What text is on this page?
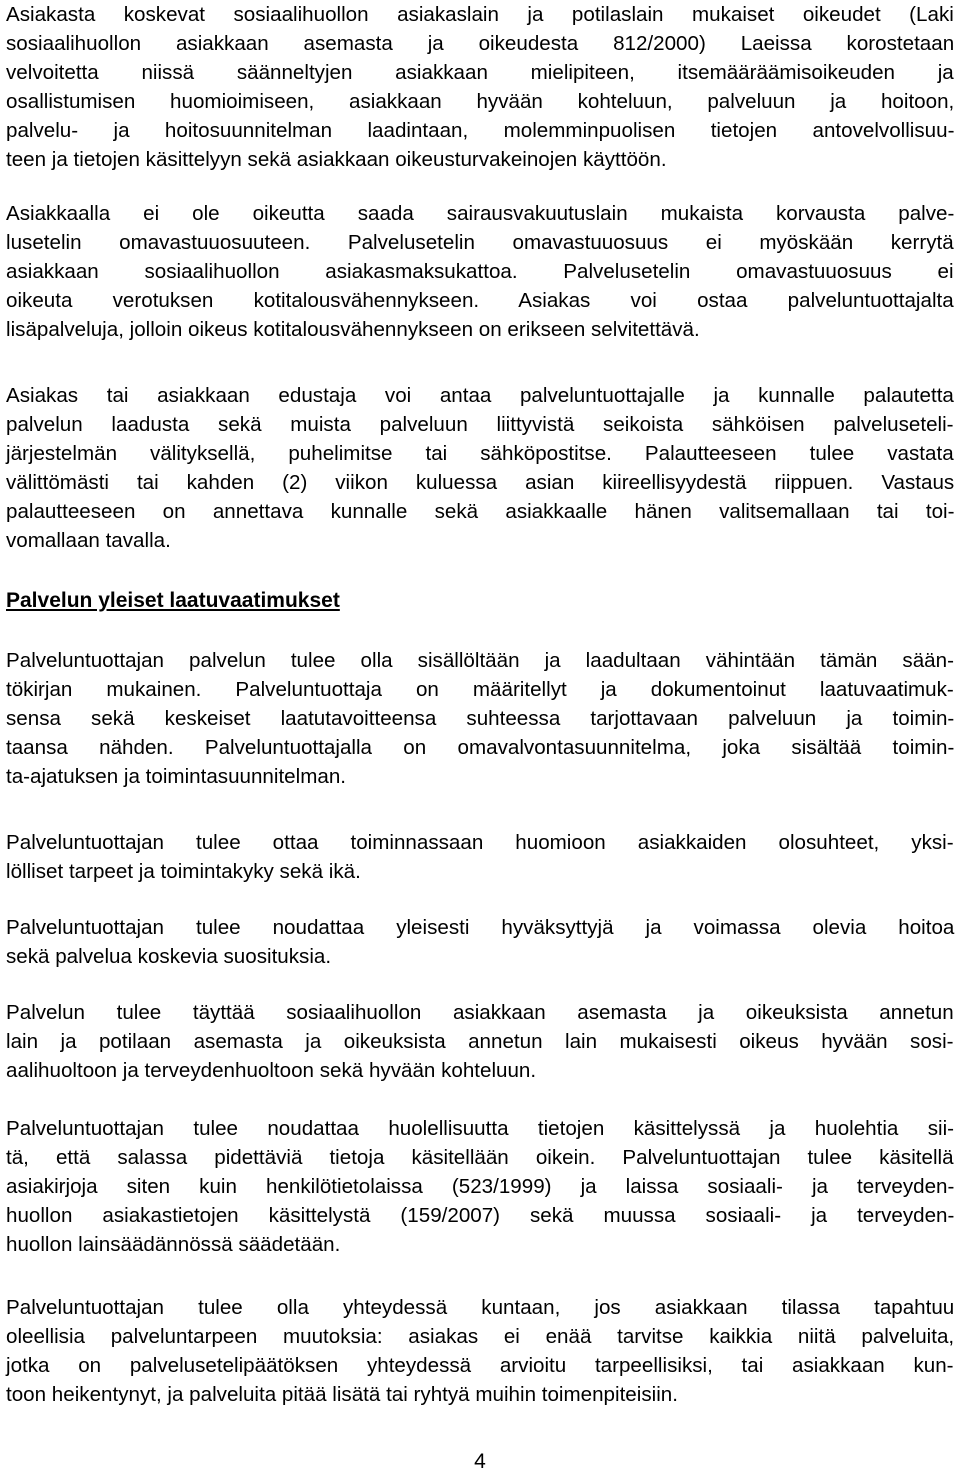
Asiakasta koskevat sosiaalihuollon asiakaslain ja potilaslain mukaiset oikeudet (Laki
sosiaalihuollon asiakkaan asemasta ja oikeudesta 812/2000) Laeissa korostetaan
velvoitetta niissä säänneltyjen asiakkaan mielipiteen, itsemääräämisoikeuden ja
osallistumisen huomioimiseen, asiakkaan hyvään kohteluun, palveluun ja hoitoon,
palvelu- ja hoitosuunnitelman laadintaan, molemminpuolisen tietojen antovelvollisuu-
teen ja tietojen käsittelyyn sekä asiakkaan oikeusturvakeinojen käyttöön.

Asiakkaalla ei ole oikeutta saada sairausvakuutuslain mukaista korvausta palve-
lusetelin omavastuuosuuteen. Palvelusetelin omavastuuosuus ei myöskään kerrytä
asiakkaan sosiaalihuollon asiakasmaksukattoa. Palvelusetelin omavastuuosuus ei
oikeuta verotuksen kotitalousvähennykseen. Asiakas voi ostaa palveluntuottajalta
lisäpalveluja, jolloin oikeus kotitalousvähennykseen on erikseen selvitettävä.

Asiakas tai asiakkaan edustaja voi antaa palveluntuottajalle ja kunnalle palautetta
palvelun laadusta sekä muista palveluun liittyvistä seikoista sähköisen palveluseteli-
järjestelmän välityksellä, puhelimitse tai sähköpostitse. Palautteeseen tulee vastata
välittömästi tai kahden (2) viikon kuluessa asian kiireellisyydestä riippuen. Vastaus
palautteeseen on annettava kunnalle sekä asiakkaalle hänen valitsemallaan tai toi-
vomallaan tavalla.

Palvelun yleiset laatuvaatimukset

Palveluntuottajan palvelun tulee olla sisällöltään ja laadultaan vähintään tämän sään-
tökirjan mukainen. Palveluntuottaja on määritellyt ja dokumentoinut laatuvaatimuk-
sensa sekä keskeiset laatutavoitteensa suhteessa tarjottavaan palveluun ja toimin-
taansa nähden. Palveluntuottajalla on omavalvontasuunnitelma, joka sisältää toimin-
ta-ajatuksen ja toimintasuunnitelman.

Palveluntuottajan tulee ottaa toiminnassaan huomioon asiakkaiden olosuhteet, yksi-
lölliset tarpeet ja toimintakyky sekä ikä.

Palveluntuottajan tulee noudattaa yleisesti hyväksyttyjä ja voimassa olevia hoitoa
sekä palvelua koskevia suosituksia.

Palvelun tulee täyttää sosiaalihuollon asiakkaan asemasta ja oikeuksista annetun
lain ja potilaan asemasta ja oikeuksista annetun lain mukaisesti oikeus hyvään sosi-
aalihuoltoon ja terveydenhuoltoon sekä hyvään kohteluun.

Palveluntuottajan tulee noudattaa huolellisuutta tietojen käsittelyssä ja huolehtia sii-
tä, että salassa pidettäviä tietoja käsitellään oikein. Palveluntuottajan tulee käsitellä
asiakirjoja siten kuin henkilötietolaissa (523/1999) ja laissa sosiaali- ja terveyden-
huollon asiakastietojen käsittelystä (159/2007) sekä muussa sosiaali- ja terveyden-
huollon lainsäädännössä säädetään.

Palveluntuottajan tulee olla yhteydessä kuntaan, jos asiakkaan tilassa tapahtuu
oleellisia palveluntarpeen muutoksia: asiakas ei enää tarvitse kaikkia niitä palveluita,
jotka on palvelusetelipäätöksen yhteydessä arvioitu tarpeellisiksi, tai asiakkaan kun-
toon heikentynyt, ja palveluita pitää lisätä tai ryhtyä muihin toimenpiteisiin.

4
